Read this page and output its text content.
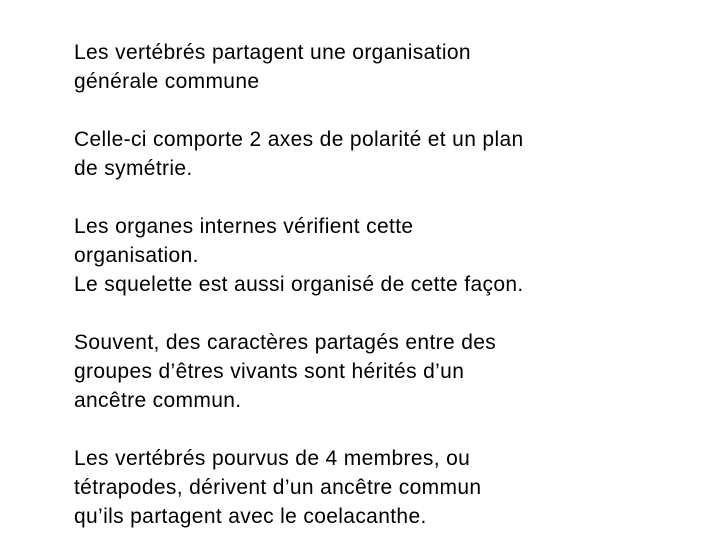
Les vertébrés partagent une organisation
générale commune

Celle-ci comporte 2 axes de polarité et un plan
de symétrie.

Les organes internes vérifient cette
organisation.
Le squelette est aussi organisé de cette façon.

Souvent, des caractères partagés entre des
groupes d’êtres vivants sont hérités d’un
ancêtre commun.

Les vertébrés pourvus de 4 membres, ou
tétrapodes, dérivent d’un ancêtre commun
qu’ils partagent avec le coelacanthe.
